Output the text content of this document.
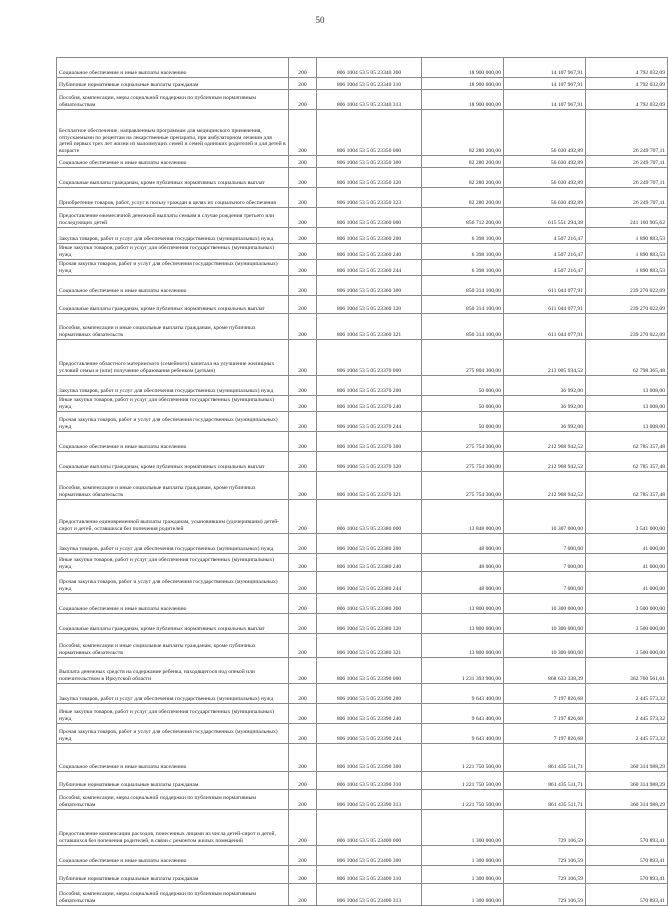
50
Социальное обеспечение и иные выплаты населению	200	806 1004 53 5 05 23340 300	18 900 000,00	14 107 967,91	4 792 032,09
Публичные нормативные социальные выплаты гражданам	200	806 1004 53 5 05 23340 310	18 900 000,00	14 107 967,91	4 792 032,09
Пособия, компенсации, меры социальной поддержки по публичным нормативным обязательствам	200	806 1004 53 5 05 23340 313	18 900 000,00	14 107 967,91	4 792 032,09
Бесплатное обеспечение, направленным программам для медицинского применения, отпускаемыми по рецептам на лекарственные препараты, при амбулаторном лечении для детей первых трех лет жизни из малоимущих семей и семей одиноких родителей и для детей в возрасте	200	806 1004 53 5 05 23350 000	82 280 200,00	56 030 492,89	26 249 707,11
Социальное обеспечение и иные выплаты населению	200	806 1004 53 5 05 23350 300	82 280 200,00	56 030 492,89	26 249 707,11
Социальные выплаты гражданам, кроме публичных нормативных социальных выплат	200	806 1004 53 5 05 23350 320	82 280 200,00	56 030 492,89	26 249 707,11
Приобретение товаров, работ, услуг в пользу граждан в целях их социального обеспечения	200	806 1004 53 5 05 23350 323	82 280 200,00	56 030 492,89	26 249 707,11
Предоставление ежемесячной денежной выплаты семьям в случае рождения третьего или последующих детей	200	806 1004 53 5 05 23360 000	856 712 200,00	615 551 294,38	241 160 905,62
Закупка товаров, работ и услуг для обеспечения государственных (муниципальных) нужд	200	806 1004 53 5 05 23360 200	6 398 100,00	4 507 216,47	1 890 883,53
Иные закупки товаров, работ и услуг для обеспечения государственных (муниципальных) нужд	200	806 1004 53 5 05 23360 240	6 398 100,00	4 507 216,47	1 890 883,53
Прочая закупка товаров, работ и услуг для обеспечения государственных (муниципальных) нужд	200	806 1004 53 5 05 23360 244	6 398 100,00	4 507 216,47	1 890 883,53
Социальное обеспечение и иные выплаты населению	200	806 1004 53 5 05 23360 300	850 314 100,00	611 044 077,91	239 270 022,09
Социальные выплаты гражданам, кроме публичных нормативных социальных выплат	200	806 1004 53 5 05 23360 320	850 314 100,00	611 044 077,91	239 270 022,09
Пособия, компенсации и иные социальные выплаты гражданам, кроме публичных нормативных обязательств	200	806 1004 53 5 05 23360 321	850 314 100,00	611 044 077,91	239 270 022,09
Предоставление областного материнского (семейного) капитала на улучшение жилищных условий семьи и (или) получение образования ребенком (детьми)	200	806 1004 53 5 05 23370 000	275 804 300,00	213 005 934,52	62 798 365,48
Закупка товаров, работ и услуг для обеспечения государственных (муниципальных) нужд	200	806 1004 53 5 05 23370 200	50 000,00	36 992,00	13 008,00
Иные закупки товаров, работ и услуг для обеспечения государственных (муниципальных) нужд	200	806 1004 53 5 05 23370 240	50 000,00	36 992,00	13 008,00
Прочая закупка товаров, работ и услуг для обеспечения государственных (муниципальных) нужд	200	806 1004 53 5 05 23370 244	50 000,00	36 992,00	13 008,00
Социальное обеспечение и иные выплаты населению	200	806 1004 53 5 05 23370 300	275 754 300,00	212 968 942,52	62 785 357,48
Социальные выплаты гражданам, кроме публичных нормативных социальных выплат	200	806 1004 53 5 05 23370 320	275 754 300,00	212 968 942,52	62 785 357,48
Пособия, компенсации и иные социальные выплаты гражданам, кроме публичных нормативных обязательств	200	806 1004 53 5 05 23370 321	275 754 300,00	212 968 942,52	62 785 357,48
Предоставление единовременной выплаты гражданам, усыновившим (удочерившим) детей-сирот и детей, оставшихся без попечения родителей	200	806 1004 53 5 05 23380 000	13 848 000,00	10 307 000,00	3 541 000,00
Закупка товаров, работ и услуг для обеспечения государственных (муниципальных) нужд	200	806 1004 53 5 05 23380 200	48 000,00	7 000,00	41 000,00
Иные закупки товаров, работ и услуг для обеспечения государственных (муниципальных) нужд	200	806 1004 53 5 05 23380 240	48 000,00	7 000,00	41 000,00
Прочая закупка товаров, работ и услуг для обеспечения государственных (муниципальных) нужд	200	806 1004 53 5 05 23380 244	48 000,00	7 000,00	41 000,00
Социальное обеспечение и иные выплаты населению	200	806 1004 53 5 05 23380 300	13 800 000,00	10 300 000,00	3 500 000,00
Социальные выплаты гражданам, кроме публичных нормативных социальных выплат	200	806 1004 53 5 05 23380 320	13 800 000,00	10 300 000,00	3 500 000,00
Пособия, компенсации и иные социальные выплаты гражданам, кроме публичных нормативных обязательств	200	806 1004 53 5 05 23380 321	13 800 000,00	10 300 000,00	3 500 000,00
Выплата денежных средств на содержание ребенка, находящегося под опекой или попечительством в Иркутской области	200	806 1004 53 5 05 23390 000	1 231 393 900,00	868 633 338,39	362 760 561,61
Закупка товаров, работ и услуг для обеспечения государственных (муниципальных) нужд	200	806 1004 53 5 05 23390 200	9 643 400,00	7 197 826,68	2 445 573,32
Иные закупки товаров, работ и услуг для обеспечения государственных (муниципальных) нужд	200	806 1004 53 5 05 23390 240	9 643 400,00	7 197 826,68	2 445 573,32
Прочая закупка товаров, работ и услуг для обеспечения государственных (муниципальных) нужд	200	806 1004 53 5 05 23390 244	9 643 400,00	7 197 826,68	2 445 573,32
Социальное обеспечение и иные выплаты населению	200	806 1004 53 5 05 23390 300	1 221 750 500,00	861 435 511,71	360 314 988,29
Публичные нормативные социальные выплаты гражданам	200	806 1004 53 5 05 23390 310	1 221 750 500,00	861 435 511,71	360 314 988,29
Пособия, компенсации, меры социальной поддержки по публичным нормативным обязательствам	200	806 1004 53 5 05 23390 313	1 221 750 500,00	861 435 511,71	360 314 988,29
Предоставление компенсации расходов, понесенных лицами из числа детей-сирот и детей, оставшихся без попечения родителей, в связи с ремонтом жилых помещений	200	806 1004 53 5 05 23400 000	1 300 000,00	729 106,59	570 893,41
Социальное обеспечение и иные выплаты населению	200	806 1004 53 5 05 23400 300	1 300 000,00	729 106,59	570 893,41
Публичные нормативные социальные выплаты гражданам	200	806 1004 53 5 05 23400 310	1 300 000,00	729 106,59	570 893,41
Пособия, компенсации, меры социальной поддержки по публичным нормативным обязательствам	200	806 1004 53 5 05 23400 313	1 300 000,00	729 106,59	570 893,41
